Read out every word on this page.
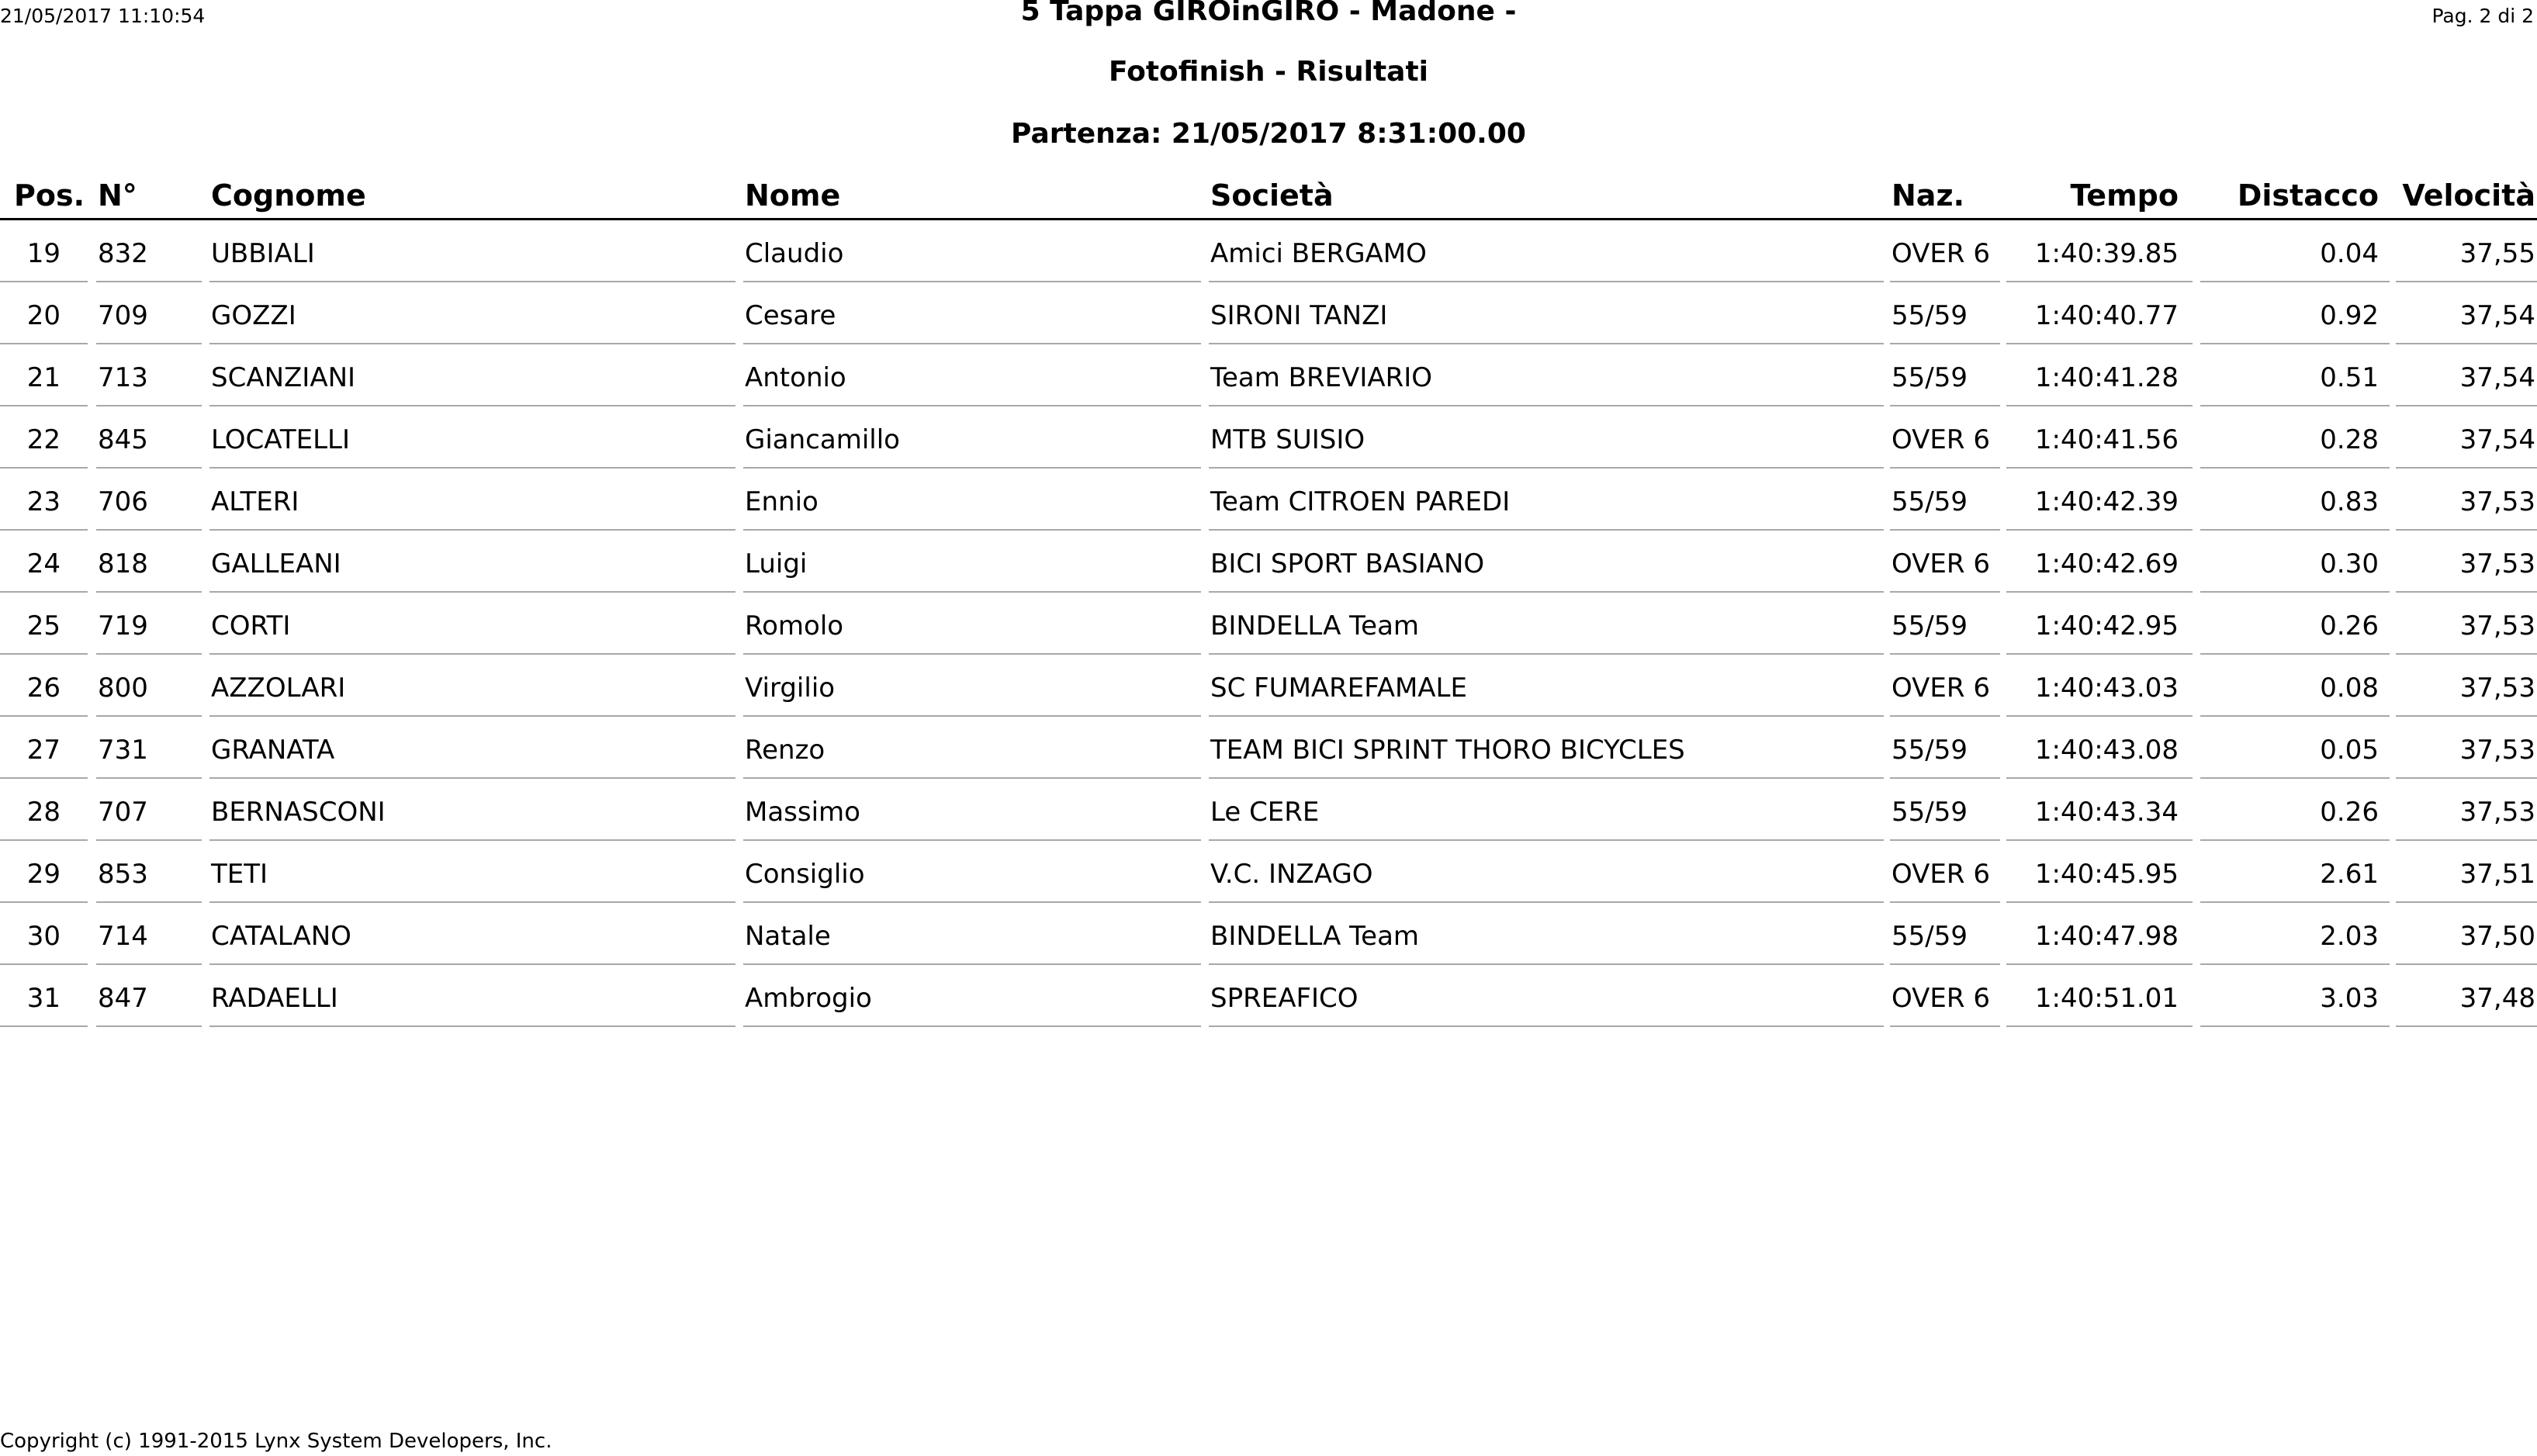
21/05/2017 11:10:54	Pag. 2 di 2
5 Tappa GIROinGIRO - Madone -
Fotofinish - Risultati
Partenza: 21/05/2017 8:31:00.00
Pos. N°	Cognome	Nome	Società	Naz.	Tempo Distacco Velocità
19 832 UBBIALI	Claudio	Amici BERGAMO	OVER 6 1:40:39.85	0.04	37,55
20 709 GOZZI	Cesare	SIRONI TANZI	55/59	1:40:40.77	0.92	37,54
21 713 SCANZIANI	Antonio	Team BREVIARIO	55/59	1:40:41.28	0.51	37,54
22 845 LOCATELLI	Giancamillo	MTB SUISIO	OVER 6 1:40:41.56	0.28	37,54
23 706 ALTERI	Ennio	Team CITROEN PAREDI	55/59	1:40:42.39	0.83	37,53
24 818 GALLEANI	Luigi	BICI SPORT BASIANO	OVER 6 1:40:42.69	0.30	37,53
25 719 CORTI	Romolo	BINDELLA Team	55/59	1:40:42.95	0.26	37,53
26 800 AZZOLARI	Virgilio	SC FUMAREFAMALE	OVER 6 1:40:43.03	0.08	37,53
27 731 GRANATA	Renzo	TEAM BICI SPRINT THORO BICYCLES	55/59	1:40:43.08	0.05	37,53
28 707 BERNASCONI	Massimo	Le CERE	55/59	1:40:43.34	0.26	37,53
29 853 TETI	Consiglio	V.C. INZAGO	OVER 6 1:40:45.95	2.61	37,51
30 714 CATALANO	Natale	BINDELLA Team	55/59	1:40:47.98	2.03	37,50
31 847 RADAELLI	Ambrogio	SPREAFICO	OVER 6 1:40:51.01	3.03	37,48
Copyright (c) 1991-2015 Lynx System Developers, Inc.
